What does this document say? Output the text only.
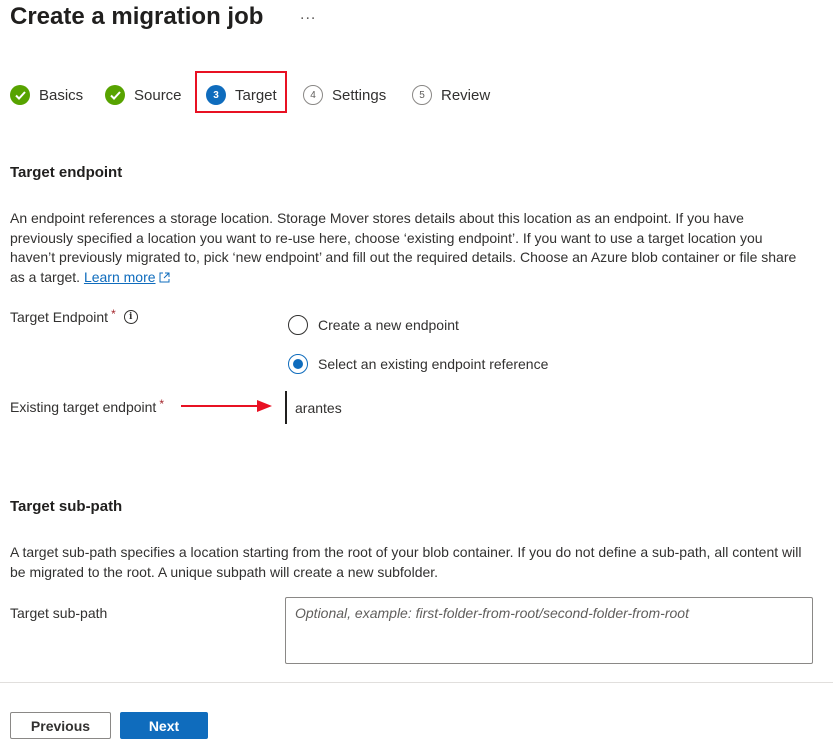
Create a migration job ...
Basics	Source	3	Target	4	Settings	5	Review
Target endpoint

An endpoint references a storage location. Storage Mover stores details about this location as an endpoint. If you have previously specified a location you want to re-use here, choose ‘existing endpoint’. If you want to use a target location you haven’t previously migrated to, pick ‘new endpoint’ and fill out the required details. Choose an Azure blob container or file share as a target. Learn more

Target Endpoint *	i	Create a new endpoint
Select an existing endpoint reference
Existing target endpoint *	arantes
Target sub-path

A target sub-path specifies a location starting from the root of your blob container. If you do not define a sub-path, all content will be migrated to the root. A unique subpath will create a new subfolder.

Target sub-path
Optional, example: first-folder-from-root/second-folder-from-root
Previous	Next
